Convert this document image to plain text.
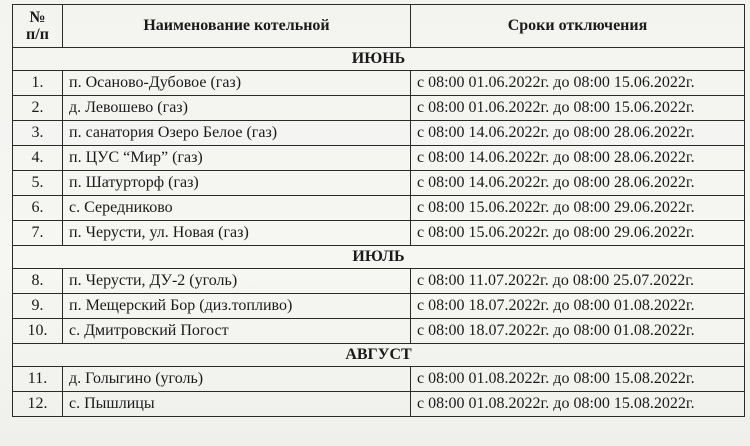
№
п/п	Наименование котельной	Сроки отключения
ИЮНЬ		
1.	п. Осаново-Дубовое (газ)	с 08:00 01.06.2022г. до 08:00 15.06.2022г.
2.	д. Левошево (газ)	с 08:00 01.06.2022г. до 08:00 15.06.2022г.
3.	п. санатория Озеро Белое (газ)	с 08:00 14.06.2022г. до 08:00 28.06.2022г.
4.	п. ЦУС “Мир” (газ)	с 08:00 14.06.2022г. до 08:00 28.06.2022г.
5.	п. Шатурторф (газ)	с 08:00 14.06.2022г. до 08:00 28.06.2022г.
6.	с. Середниково	с 08:00 15.06.2022г. до 08:00 29.06.2022г.
7.	п. Черусти, ул. Новая (газ)	с 08:00 15.06.2022г. до 08:00 29.06.2022г.
ИЮЛЬ		
8.	п. Черусти, ДУ-2 (уголь)	с 08:00 11.07.2022г. до 08:00 25.07.2022г.
9.	п. Мещерский Бор (диз.топливо)	с 08:00 18.07.2022г. до 08:00 01.08.2022г.
10.	с. Дмитровский Погост	с 08:00 18.07.2022г. до 08:00 01.08.2022г.
АВГУСТ		
11.	д. Голыгино (уголь)	с 08:00 01.08.2022г. до 08:00 15.08.2022г.
12.	с. Пышлицы	с 08:00 01.08.2022г. до 08:00 15.08.2022г.
